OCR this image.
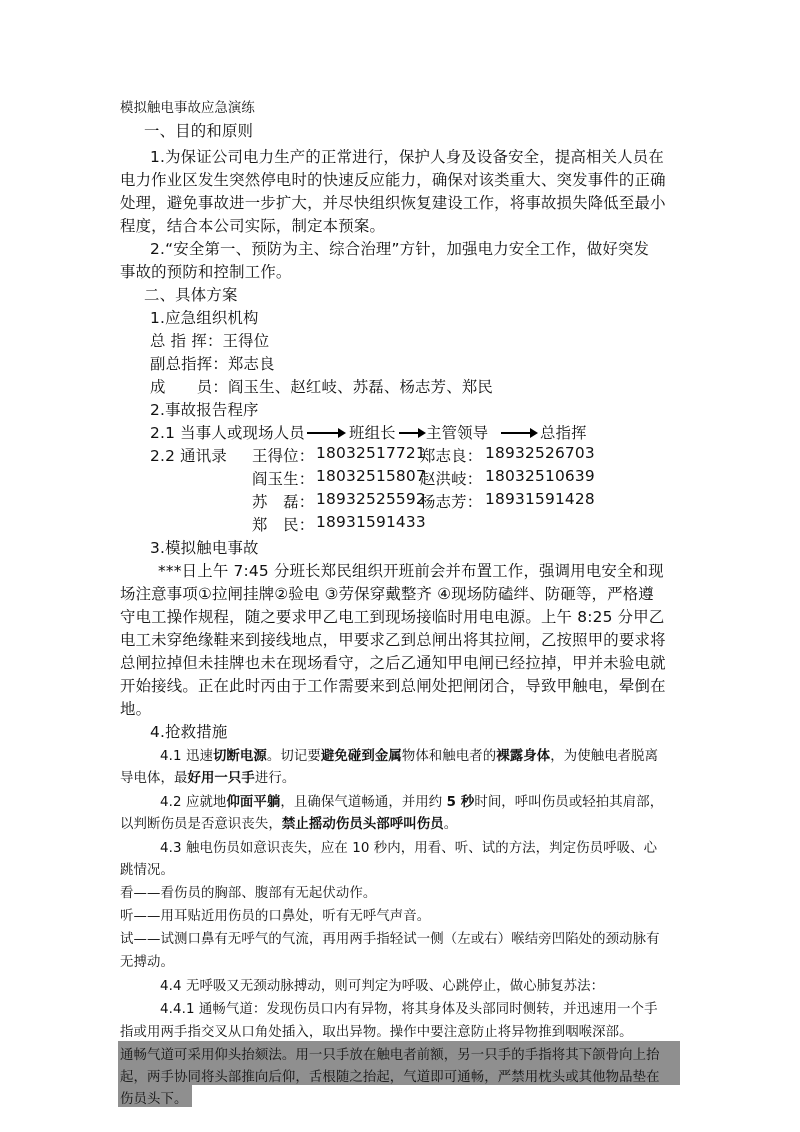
模拟触电事故应急演练
一、目的和原则
1.为保证公司电力生产的正常进行，保护人身及设备安全，提高相关人员在
电力作业区发生突然停电时的快速反应能力，确保对该类重大、突发事件的正确
处理，避免事故进一步扩大，并尽快组织恢复建设工作，将事故损失降低至最小
程度，结合本公司实际，制定本预案。
2.“安全第一、预防为主、综合治理”方针，加强电力安全工作，做好突发
事故的预防和控制工作。
二、具体方案
1.应急组织机构
总 指 挥：王得位
副总指挥：郑志良
成　　员：阎玉生、赵红岐、苏磊、杨志芳、郑民
2.事故报告程序
2.1 当事人或现场人员	班组长 主管领导	总指挥
2.2 通讯录 王得位： 18032517721
郑志良： 18932526703
阎玉生： 18032515807
赵洪岐： 18032510639
苏　磊： 18932525592
杨志芳： 18931591428
郑　民： 18931591433
3.模拟触电事故
***日上午 7:45 分班长郑民组织开班前会并布置工作，强调用电安全和现
场注意事项①拉闸挂牌②验电 ③劳保穿戴整齐 ④现场防磕绊、防砸等，严格遵
守电工操作规程，随之要求甲乙电工到现场接临时用电电源。上午 8:25 分甲乙
电工未穿绝缘鞋来到接线地点，甲要求乙到总闸出将其拉闸，乙按照甲的要求将
总闸拉掉但未挂牌也未在现场看守，之后乙通知甲电闸已经拉掉，甲并未验电就
开始接线。正在此时丙由于工作需要来到总闸处把闸闭合，导致甲触电，晕倒在
地。
4.抢救措施
4.1 迅速切断电源。切记要避免碰到金属物体和触电者的裸露身体，为使触电者脱离
导电体，最好用一只手进行。
4.2 应就地仰面平躺，且确保气道畅通，并用约 5 秒时间，呼叫伤员或轻拍其肩部，
以判断伤员是否意识丧失，禁止摇动伤员头部呼叫伤员。
4.3 触电伤员如意识丧失，应在 10 秒内，用看、听、试的方法，判定伤员呼吸、心
跳情况。
看——看伤员的胸部、腹部有无起伏动作。
听——用耳贴近用伤员的口鼻处，听有无呼气声音。
试——试测口鼻有无呼气的气流，再用两手指轻试一侧（左或右）喉结旁凹陷处的颈动脉有
无搏动。
4.4 无呼吸又无颈动脉搏动，则可判定为呼吸、心跳停止，做心肺复苏法：
4.4.1 通畅气道：发现伤员口内有异物，将其身体及头部同时侧转，并迅速用一个手
指或用两手指交叉从口角处插入，取出异物。操作中要注意防止将异物推到咽喉深部。
通畅气道可采用仰头抬颏法。用一只手放在触电者前额，另一只手的手指将其下颌骨向上抬
起，两手协同将头部推向后仰，舌根随之抬起，气道即可通畅，严禁用枕头或其他物品垫在
伤员头下。
